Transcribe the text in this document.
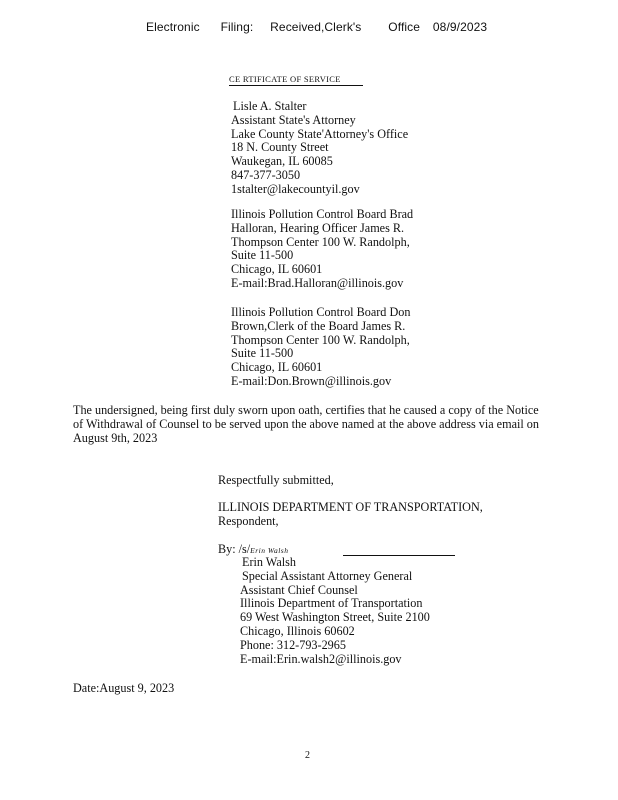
Electronic Filing: Received,Clerk's Office 08/9/2023
CE RTIFICATE OF SERVICE
Lisle A. Stalter
Assistant State's Attorney
Lake County State'Attorney's Office
18 N. County Street
Waukegan, IL 60085
847-377-3050
1stalter@lakecountyil.gov
Illinois Pollution Control Board Brad
Halloran, Hearing Officer James R.
Thompson Center 100 W. Randolph,
Suite 11-500
Chicago, IL 60601
E-mail:Brad.Halloran@illinois.gov
Illinois Pollution Control Board Don
Brown,Clerk of the Board James R.
Thompson Center 100 W. Randolph,
Suite 11-500
Chicago, IL 60601
E-mail:Don.Brown@illinois.gov
The undersigned, being first duly sworn upon oath, certifies that he caused a copy of the Notice
of Withdrawal of Counsel to be served upon the above named at the above address via email on
August 9th, 2023
Respectfully submitted,
ILLINOIS DEPARTMENT OF TRANSPORTATION,
Respondent,
By: /s/Erin Walsh
Erin Walsh
Special Assistant Attorney General
Assistant Chief Counsel
Illinois Department of Transportation
69 West Washington Street, Suite 2100
Chicago, Illinois 60602
Phone: 312-793-2965
E-mail:Erin.walsh2@illinois.gov
Date:August 9, 2023
2
